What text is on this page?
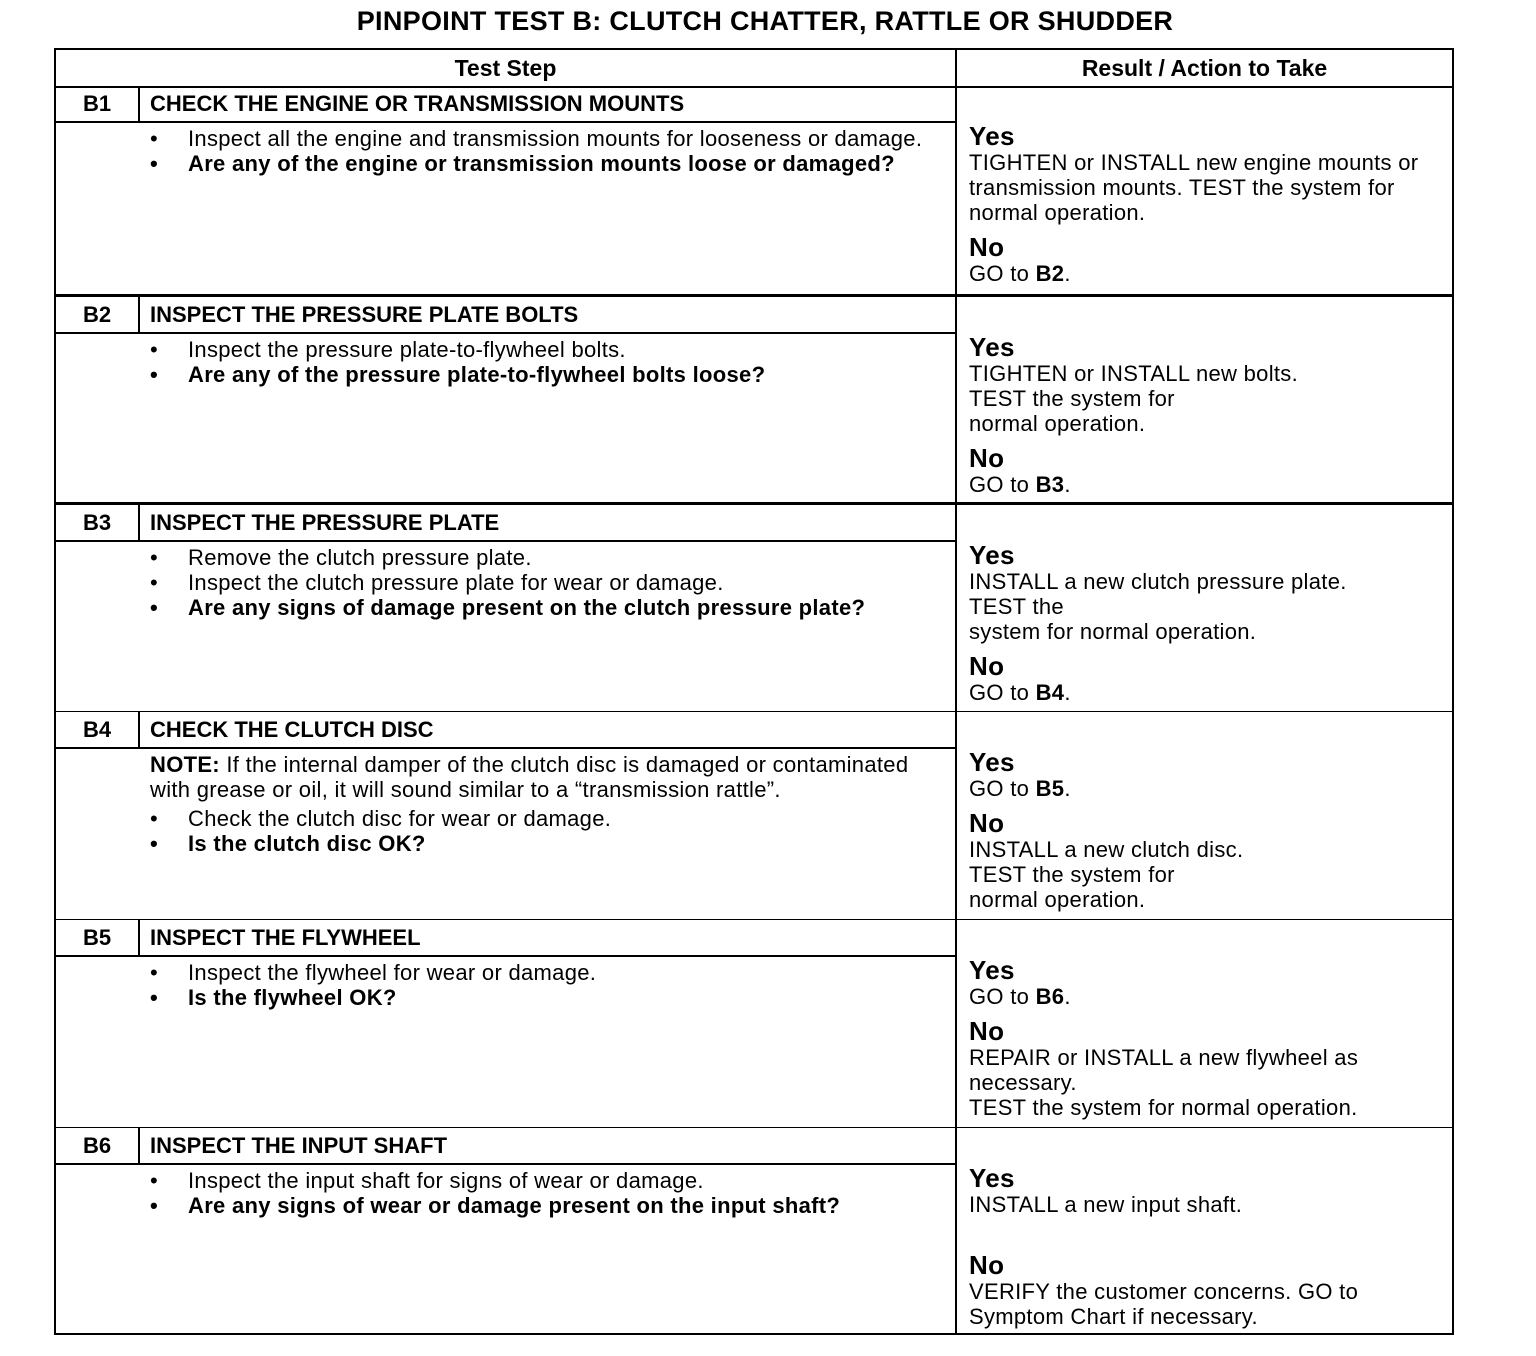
PINPOINT TEST B: CLUTCH CHATTER, RATTLE OR SHUDDER
Test Step	Result / Action to Take
B1	CHECK THE ENGINE OR TRANSMISSION MOUNTS
• Inspect all the engine and transmission mounts for looseness or damage.
• Are any of the engine or transmission mounts loose or damaged?
Yes
TIGHTEN or INSTALL new engine mounts or transmission mounts. TEST the system for normal operation.
No
GO to B2.
B2	INSPECT THE PRESSURE PLATE BOLTS
• Inspect the pressure plate-to-flywheel bolts.
• Are any of the pressure plate-to-flywheel bolts loose?
Yes
TIGHTEN or INSTALL new bolts.
TEST the system for
normal operation.
No
GO to B3.
B3	INSPECT THE PRESSURE PLATE
• Remove the clutch pressure plate.
• Inspect the clutch pressure plate for wear or damage.
• Are any signs of damage present on the clutch pressure plate?
Yes
INSTALL a new clutch pressure plate.
TEST the
system for normal operation.
No
GO to B4.
B4	CHECK THE CLUTCH DISC
NOTE: If the internal damper of the clutch disc is damaged or contaminated with grease or oil, it will sound similar to a “transmission rattle”.
• Check the clutch disc for wear or damage.
• Is the clutch disc OK?
Yes
GO to B5.
No
INSTALL a new clutch disc.
TEST the system for
normal operation.
B5	INSPECT THE FLYWHEEL
• Inspect the flywheel for wear or damage.
• Is the flywheel OK?
Yes
GO to B6.
No
REPAIR or INSTALL a new flywheel as necessary.
TEST the system for normal operation.
B6	INSPECT THE INPUT SHAFT
• Inspect the input shaft for signs of wear or damage.
• Are any signs of wear or damage present on the input shaft?
Yes
INSTALL a new input shaft.
No
VERIFY the customer concerns. GO to Symptom Chart if necessary.
